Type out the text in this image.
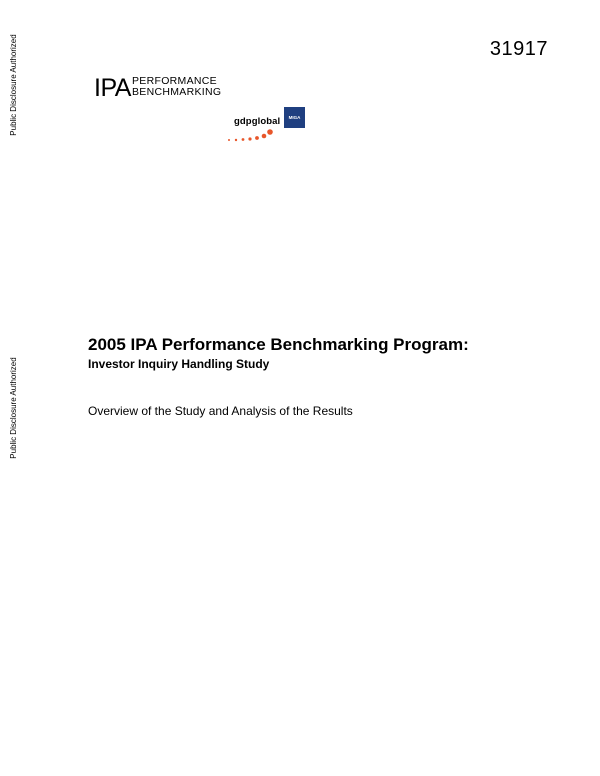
Public Disclosure Authorized
Public Disclosure Authorized
31917
IPA PERFORMANCE
BENCHMARKING
gdpglobal	MIGA
2005 IPA Performance Benchmarking Program:
Investor Inquiry Handling Study
Overview of the Study and Analysis of the Results
